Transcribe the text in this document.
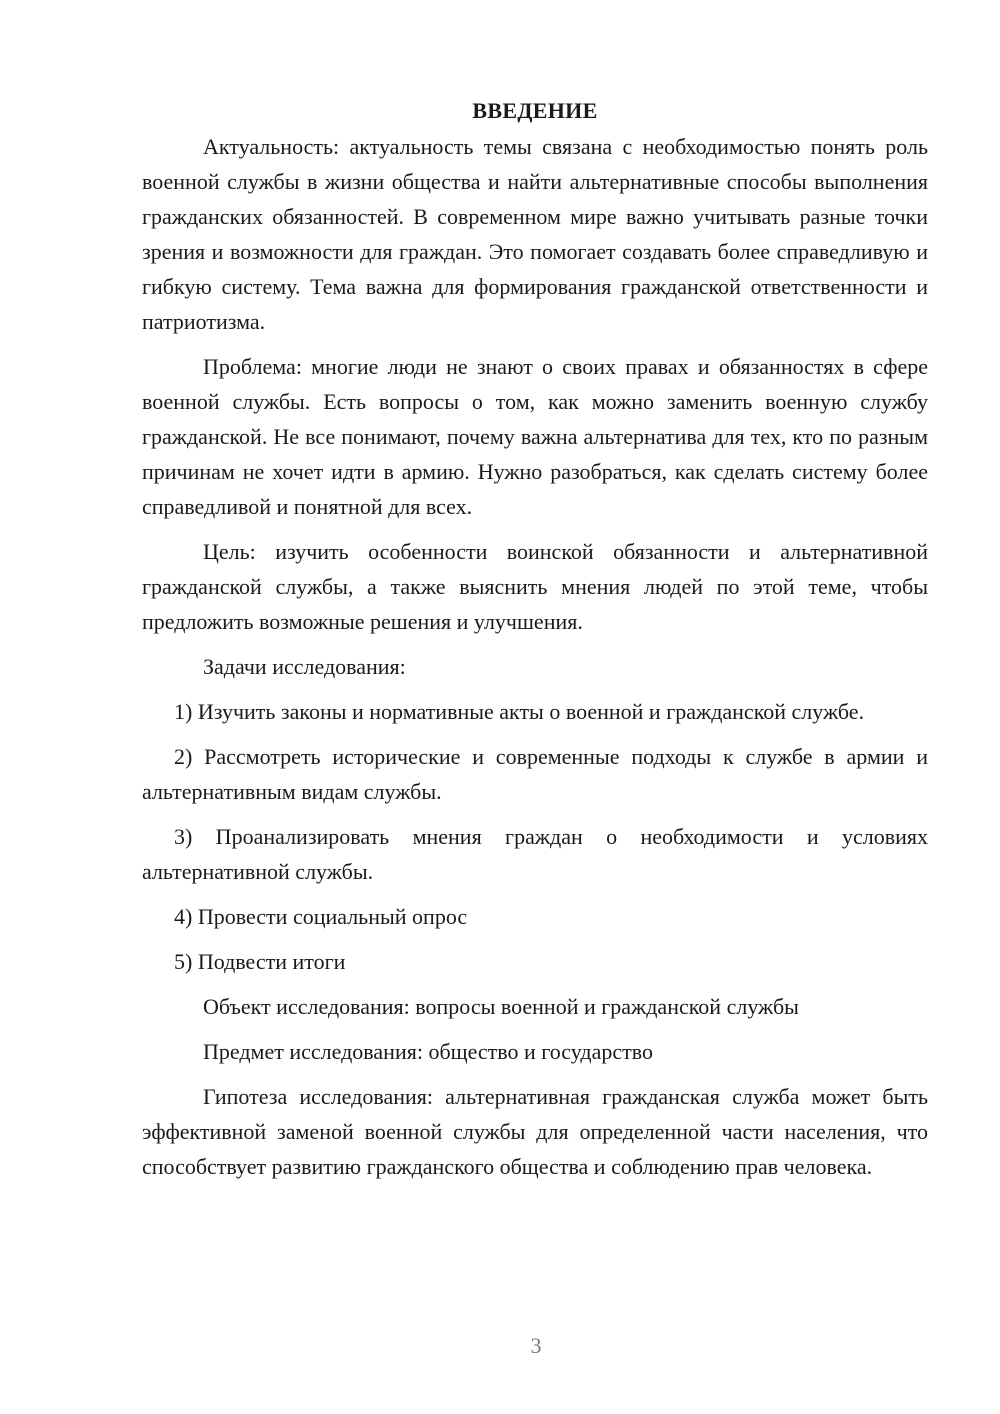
ВВЕДЕНИЕ

Актуальность: актуальность темы связана с необходимостью понять роль военной службы в жизни общества и найти альтернативные способы выполнения гражданских обязанностей. В современном мире важно учитывать разные точки зрения и возможности для граждан. Это помогает создавать более справедливую и гибкую систему. Тема важна для формирования гражданской ответственности и патриотизма.

Проблема: многие люди не знают о своих правах и обязанностях в сфере военной службы. Есть вопросы о том, как можно заменить военную службу гражданской. Не все понимают, почему важна альтернатива для тех, кто по разным причинам не хочет идти в армию. Нужно разобраться, как сделать систему более справедливой и понятной для всех.

Цель: изучить особенности воинской обязанности и альтернативной гражданской службы, а также выяснить мнения людей по этой теме, чтобы предложить возможные решения и улучшения.

Задачи исследования:

1) Изучить законы и нормативные акты о военной и гражданской службе.

2) Рассмотреть исторические и современные подходы к службе в армии и альтернативным видам службы.

3) Проанализировать мнения граждан о необходимости и условиях альтернативной службы.

4) Провести социальный опрос

5) Подвести итоги

Объект исследования: вопросы военной и гражданской службы

Предмет исследования: общество и государство

Гипотеза исследования: альтернативная гражданская служба может быть эффективной заменой военной службы для определенной части населения, что способствует развитию гражданского общества и соблюдению прав человека.

3
